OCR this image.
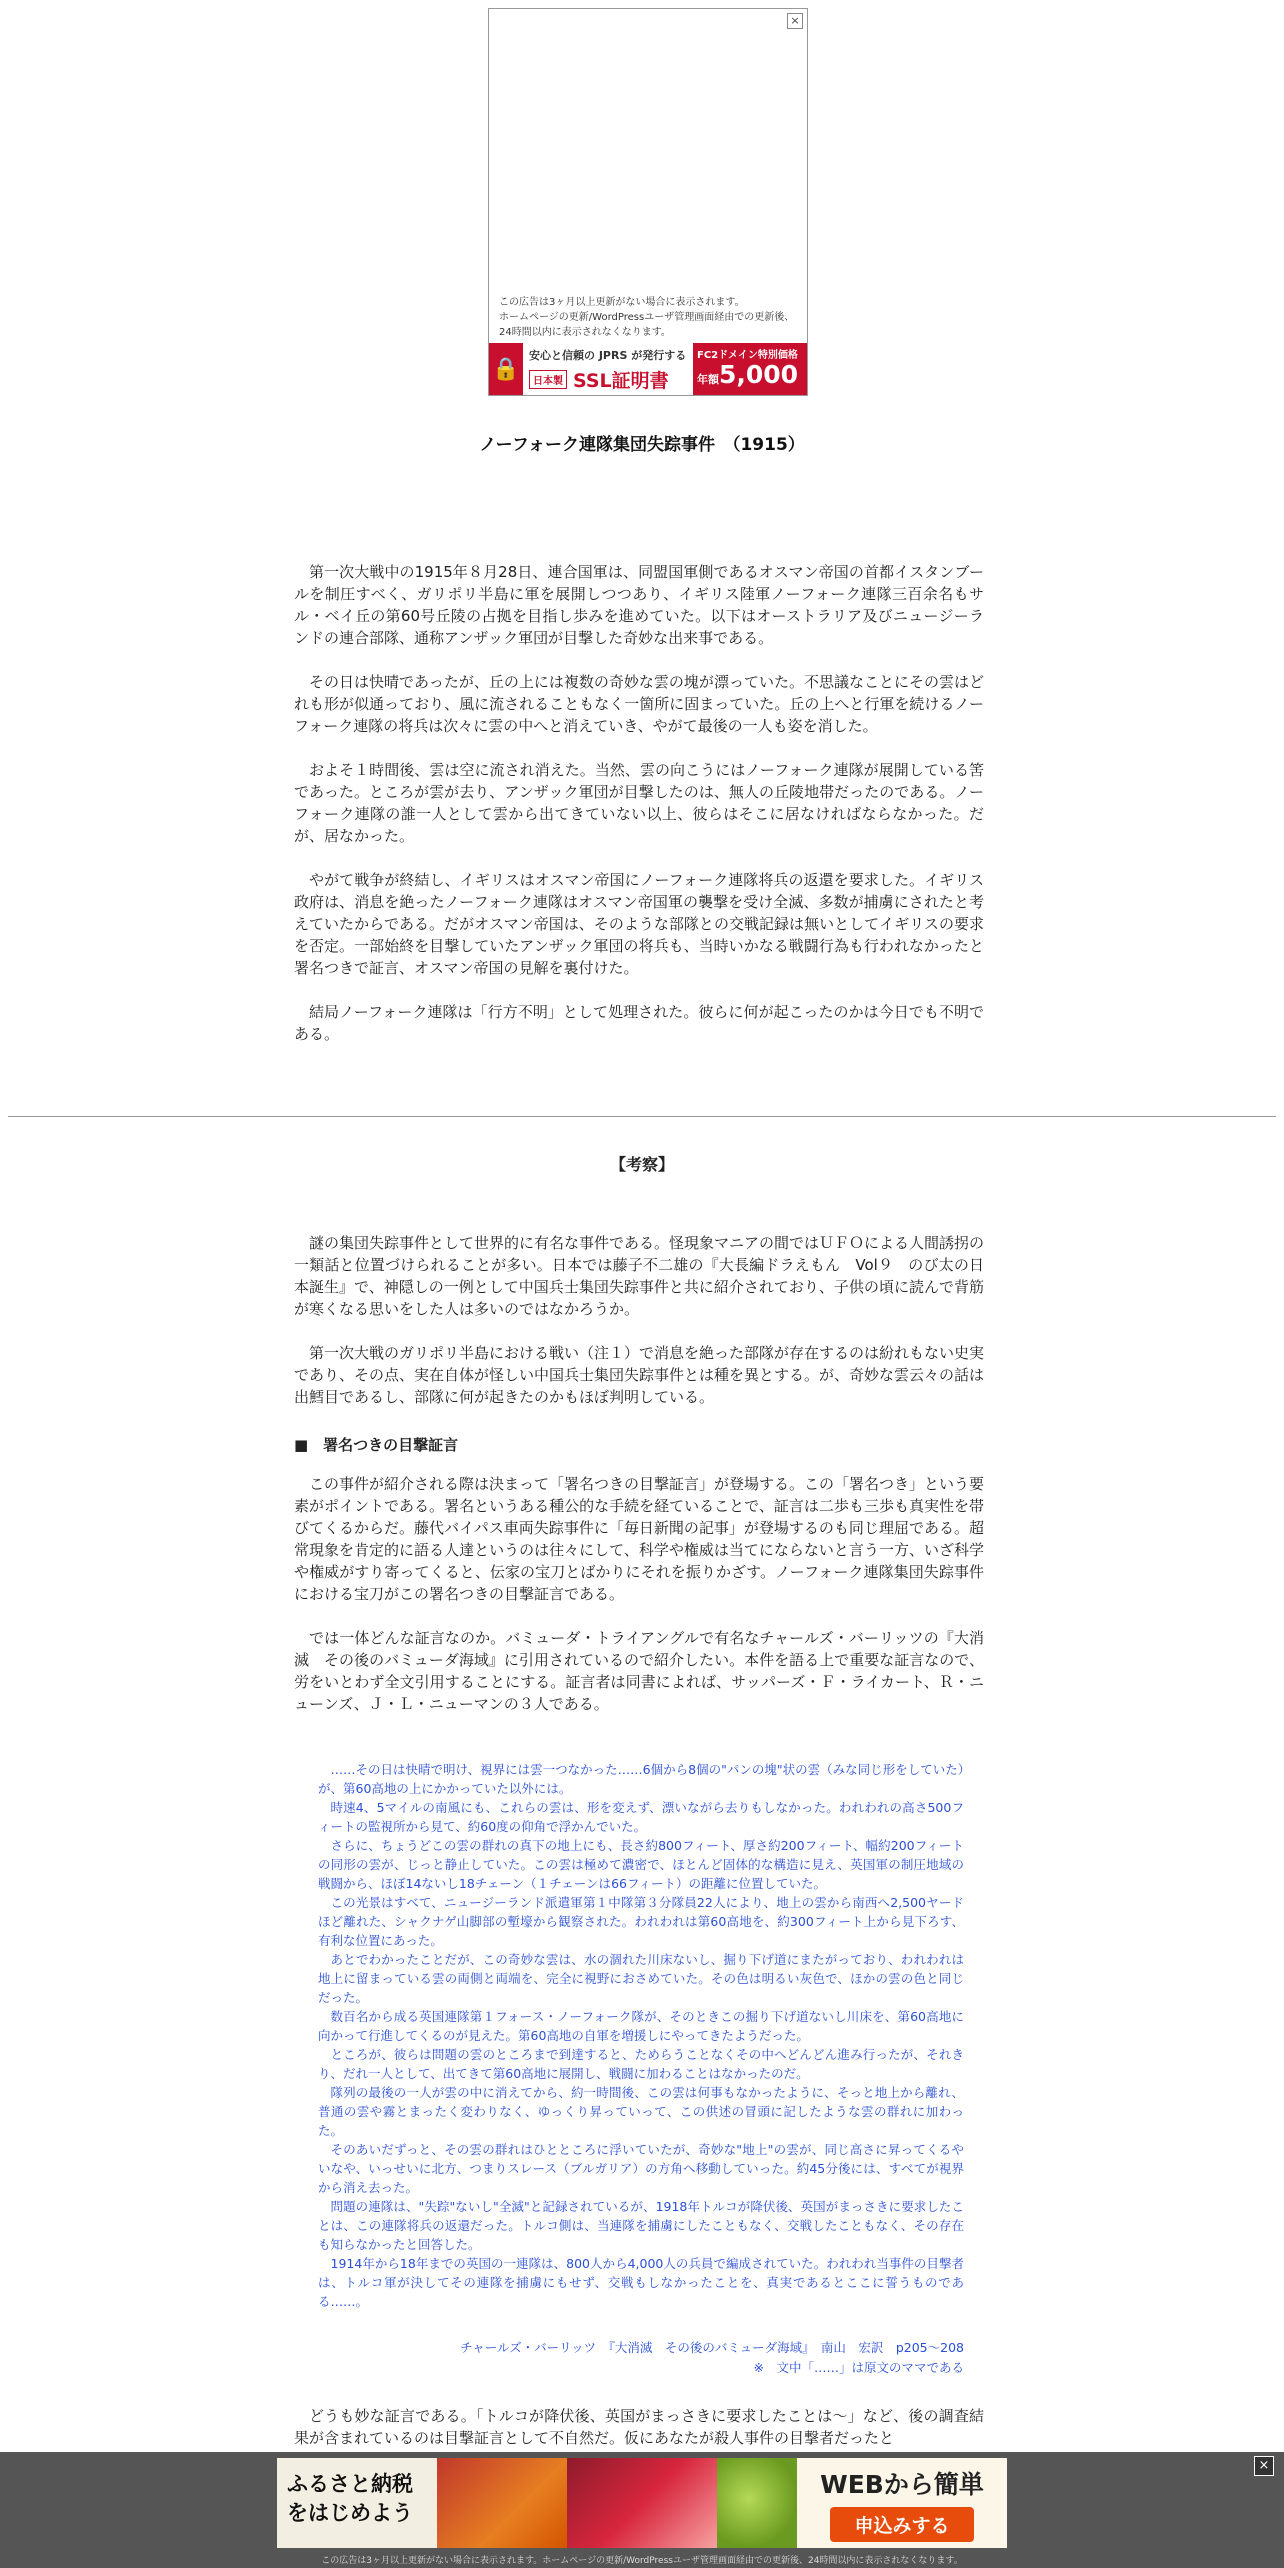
×
この広告は3ヶ月以上更新がない場合に表示されます。
ホームページの更新/WordPressユーザ管理画面経由での更新後、
24時間以内に表示されなくなります。
🔒
安心と信頼の JPRS が発行する
日本製 SSL証明書
FC2ドメイン特別価格
年額5,000円
ノーフォーク連隊集団失踪事件　（1915）

第一次大戦中の1915年８月28日、連合国軍は、同盟国軍側であるオスマン帝国の首都イスタンブールを制圧すべく、ガリポリ半島に軍を展開しつつあり、イギリス陸軍ノーフォーク連隊三百余名もサル・ベイ丘の第60号丘陵の占拠を目指し歩みを進めていた。以下はオーストラリア及びニュージーランドの連合部隊、通称アンザック軍団が目撃した奇妙な出来事である。

その日は快晴であったが、丘の上には複数の奇妙な雲の塊が漂っていた。不思議なことにその雲はどれも形が似通っており、風に流されることもなく一箇所に固まっていた。丘の上へと行軍を続けるノーフォーク連隊の将兵は次々に雲の中へと消えていき、やがて最後の一人も姿を消した。

およそ１時間後、雲は空に流され消えた。当然、雲の向こうにはノーフォーク連隊が展開している筈であった。ところが雲が去り、アンザック軍団が目撃したのは、無人の丘陵地帯だったのである。ノーフォーク連隊の誰一人として雲から出てきていない以上、彼らはそこに居なければならなかった。だが、居なかった。

やがて戦争が終結し、イギリスはオスマン帝国にノーフォーク連隊将兵の返還を要求した。イギリス政府は、消息を絶ったノーフォーク連隊はオスマン帝国軍の襲撃を受け全滅、多数が捕虜にされたと考えていたからである。だがオスマン帝国は、そのような部隊との交戦記録は無いとしてイギリスの要求を否定。一部始終を目撃していたアンザック軍団の将兵も、当時いかなる戦闘行為も行われなかったと署名つきで証言、オスマン帝国の見解を裏付けた。

結局ノーフォーク連隊は「行方不明」として処理された。彼らに何が起こったのかは今日でも不明である。

【考察】

謎の集団失踪事件として世界的に有名な事件である。怪現象マニアの間ではＵＦＯによる人間誘拐の一類話と位置づけられることが多い。日本では藤子不二雄の『大長編ドラえもん　Vol９　のび太の日本誕生』で、神隠しの一例として中国兵士集団失踪事件と共に紹介されており、子供の頃に読んで背筋が寒くなる思いをした人は多いのではなかろうか。

第一次大戦のガリポリ半島における戦い（注１）で消息を絶った部隊が存在するのは紛れもない史実であり、その点、実在自体が怪しい中国兵士集団失踪事件とは種を異とする。が、奇妙な雲云々の話は出鱈目であるし、部隊に何が起きたのかもほぼ判明している。

■　署名つきの目撃証言

この事件が紹介される際は決まって「署名つきの目撃証言」が登場する。この「署名つき」という要素がポイントである。署名というある種公的な手続を経ていることで、証言は二歩も三歩も真実性を帯びてくるからだ。藤代バイパス車両失踪事件に「毎日新聞の記事」が登場するのも同じ理屈である。超常現象を肯定的に語る人達というのは往々にして、科学や権威は当てにならないと言う一方、いざ科学や権威がすり寄ってくると、伝家の宝刀とばかりにそれを振りかざす。ノーフォーク連隊集団失踪事件における宝刀がこの署名つきの目撃証言である。

では一体どんな証言なのか。バミューダ・トライアングルで有名なチャールズ・バーリッツの『大消滅　その後のバミューダ海域』に引用されているので紹介したい。本件を語る上で重要な証言なので、労をいとわず全文引用することにする。証言者は同書によれば、サッパーズ・Ｆ・ライカート、Ｒ・ニューンズ、Ｊ・Ｌ・ニューマンの３人である。

……その日は快晴で明け、視界には雲一つなかった……6個から8個の"パンの塊"状の雲（みな同じ形をしていた）が、第60高地の上にかかっていた以外には。

時速4、5マイルの南風にも、これらの雲は、形を変えず、漂いながら去りもしなかった。われわれの高さ500フィートの監視所から見て、約60度の仰角で浮かんでいた。

さらに、ちょうどこの雲の群れの真下の地上にも、長さ約800フィート、厚さ約200フィート、幅約200フィートの同形の雲が、じっと静止していた。この雲は極めて濃密で、ほとんど固体的な構造に見え、英国軍の制圧地域の戦闘から、ほぼ14ないし18チェーン（１チェーンは66フィート）の距離に位置していた。

この光景はすべて、ニュージーランド派遣軍第１中隊第３分隊員22人により、地上の雲から南西へ2,500ヤードほど離れた、シャクナゲ山脚部の塹壕から観察された。われわれは第60高地を、約300フィート上から見下ろす、有利な位置にあった。

あとでわかったことだが、この奇妙な雲は、水の涸れた川床ないし、掘り下げ道にまたがっており、われわれは地上に留まっている雲の両側と両端を、完全に視野におさめていた。その色は明るい灰色で、ほかの雲の色と同じだった。

数百名から成る英国連隊第１フォース・ノーフォーク隊が、そのときこの掘り下げ道ないし川床を、第60高地に向かって行進してくるのが見えた。第60高地の自軍を増援しにやってきたようだった。

ところが、彼らは問題の雲のところまで到達すると、ためらうことなくその中へどんどん進み行ったが、それきり、だれ一人として、出てきて第60高地に展開し、戦闘に加わることはなかったのだ。

隊列の最後の一人が雲の中に消えてから、約一時間後、この雲は何事もなかったように、そっと地上から離れ、普通の雲や霧とまったく変わりなく、ゆっくり昇っていって、この供述の冒頭に記したような雲の群れに加わった。

そのあいだずっと、その雲の群れはひとところに浮いていたが、奇妙な"地上"の雲が、同じ高さに昇ってくるやいなや、いっせいに北方、つまりスレース（ブルガリア）の方角へ移動していった。約45分後には、すべてが視界から消え去った。

問題の連隊は、"失踪"ないし"全滅"と記録されているが、1918年トルコが降伏後、英国がまっさきに要求したことは、この連隊将兵の返還だった。トルコ側は、当連隊を捕虜にしたこともなく、交戦したこともなく、その存在も知らなかったと回答した。

1914年から18年までの英国の一連隊は、800人から4,000人の兵員で編成されていた。われわれ当事件の目撃者は、トルコ軍が決してその連隊を捕虜にもせず、交戦もしなかったことを、真実であるとここに誓うものである……。

チャールズ・バーリッツ　『大消滅　その後のバミューダ海域』　南山　宏訳　p205～208
※　文中「……」は原文のママである

どうも妙な証言である。「トルコが降伏後、英国がまっさきに要求したことは～」など、後の調査結果が含まれているのは目撃証言として不自然だ。仮にあなたが殺人事件の目撃者だったと

×
ふるさと納税をはじめよう
WEBから簡単
申込みする
この広告は3ヶ月以上更新がない場合に表示されます。ホームページの更新/WordPressユーザ管理画面経由での更新後、24時間以内に表示されなくなります。
